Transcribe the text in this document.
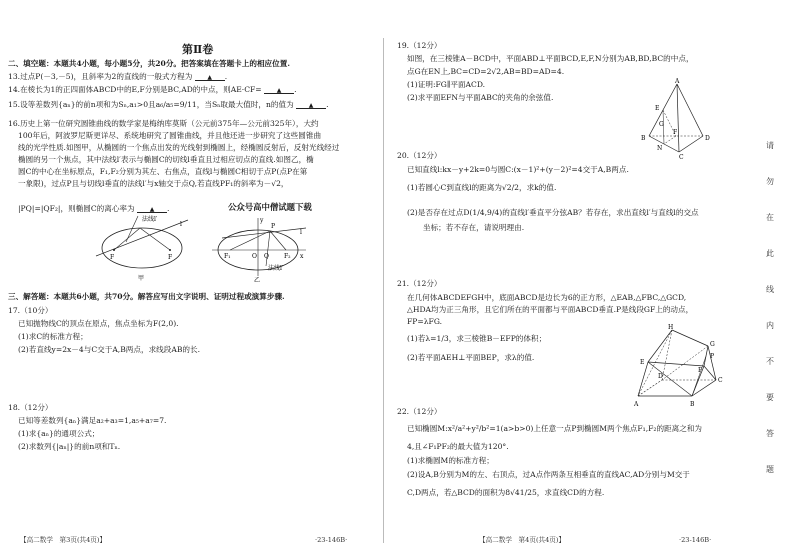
第Ⅱ卷
二、填空题：本题共4小题，每小题5分，共20分。把答案填在答题卡上的相应位置.
13.过点P(－3,－5)，且斜率为2的直线的一般式方程为	▲ .
14.在棱长为1的正四面体ABCD中的E,F分别是BC,AD的中点，则AE·CF=	▲ .
15.设等差数列{aₙ}的前n项和为Sₙ,a₁>0且a₆/a₅=9/11，当Sₙ取最大值时，n的值为	▲ .
16.历史上第一位研究圆锥曲线的数学家是梅纳库莫斯（公元前375年—公元前325年），大约
100年后，阿波罗尼斯更详尽、系统地研究了圆锥曲线，并且他还进一步研究了这些圆锥曲
线的光学性质.如图甲，从椭圆的一个焦点出发的光线射到椭圆上，经椭圆反射后，反射光线经过
椭圆的另一个焦点，其中法线l′表示与椭圆C的切线l垂直且过相应切点的直线.如图乙，椭
圆C的中心在坐标原点，F₁,F₂分别为其左、右焦点，直线l与椭圆C相切于点P(点P在第
一象限)，过点P且与切线l垂直的法线l′与x轴交于点Q,若直线PF₁的斜率为－√2，
|PQ|=|QF₂|，则椭圆C的离心率为	▲ .	公众号高中僧试题下载
法线l′
l
F	F
甲
y
P
F₁	F₂
O Q	x
法线l′
l
乙
三、解答题：本题共6小题，共70分。解答应写出文字说明、证明过程或演算步骤.
17.（10分）
已知抛物线C的顶点在原点，焦点坐标为F(2,0).
(1)求C的标准方程；
(2)若直线y=2x－4与C交于A,B两点，求线段AB的长.
18.（12分）
已知等差数列{aₙ}满足a₂+a₃=1,a₅+a₇=7.
(1)求{aₙ}的通项公式；
(2)求数列{|aₙ|}的前n项和Tₙ.
【高二数学　第3页(共4页)】	·23-146B·
19.（12分）
如图，在三棱锥A－BCD中，平面ABD⊥平面BCD,E,F,N分别为AB,BD,BC的中点，
点G在EN上,BC=CD=2√2,AB=BD=AD=4.
(1)证明:FG∥平面ACD.
(2)求平面EFN与平面ABC的夹角的余弦值.
A
E
G
B
F
D
N
C
20.（12分）
已知直线l:kx－y+2k=0与圆C:(x－1)²+(y－2)²=4交于A,B两点.
(1)若圆心C到直线l的距离为√2/2，求k的值.
(2)是否存在过点D(1/4,9/4)的直线l′垂直平分弦AB？若存在，求出直线l′与直线l的交点
坐标；若不存在，请说明理由.
21.（12分）
在几何体ABCDEFGH中，底面ABCD是边长为6的正方形，△EAB,△FBC,△GCD,
△HDA均为正三角形，且它们所在的平面都与平面ABCD垂直.P是线段GF上的动点，
FP=λFG.
(1)若λ=1/3，求三棱锥B－EFP的体积；
(2)若平面AEH⊥平面BEP，求λ的值.
H
G
E
F
D
C
A	B
P
22.（12分）
已知椭圆M:x²/a²+y²/b²=1(a>b>0)上任意一点P到椭圆M两个焦点F₁,F₂的距离之和为
4,且∠F₁PF₂的最大值为120°.
(1)求椭圆M的标准方程；
(2)设A,B分别为M的左、右顶点，过A点作两条互相垂直的直线AC,AD分别与M交于
C,D两点，若△BCD的面积为8√41/25，求直线CD的方程.
【高二数学　第4页(共4页)】	·23-146B·
请
勿
在
此
线
内
不
要
答
题
